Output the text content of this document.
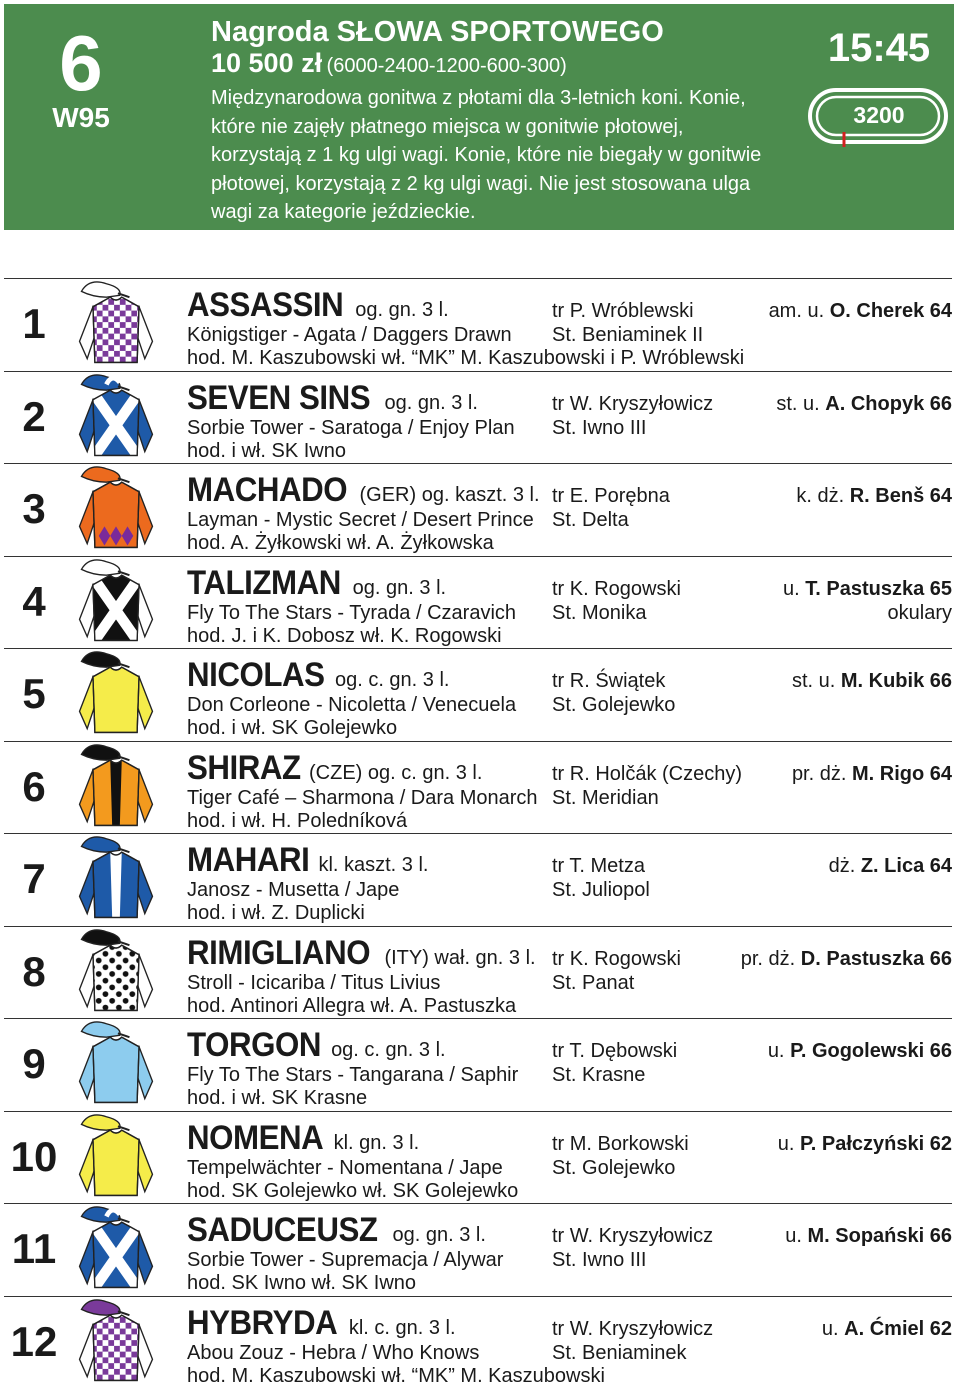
6
W95
Nagroda SŁOWA SPORTOWEGO
10 500 zł (6000-2400-1200-600-300)
Międzynarodowa gonitwa z płotami dla 3-letnich koni. Konie, które nie zajęły płatnego miejsca w gonitwie płotowej, korzystają z 1 kg ulgi wagi. Konie, które nie biegały w gonitwie płotowej, korzystają z 2 kg ulgi wagi. Nie jest stosowana ulga wagi za kategorie jeździeckie.
15:45
3200
1	ASSASSIN og. gn. 3 l.
Königstiger - Agata / Daggers Drawn
hod. M. Kaszubowski wł. “MK” M. Kaszubowski i P. Wróblewski
tr P. Wróblewski
St. Beniaminek II
am. u. O. Cherek 64
2	SEVEN SINS og. gn. 3 l.
Sorbie Tower - Saratoga / Enjoy Plan
hod. i wł. SK Iwno
tr W. Kryszyłowicz
St. Iwno III
st. u. A. Chopyk 66
3	MACHADO (GER) og. kaszt. 3 l.
Layman - Mystic Secret / Desert Prince
hod. A. Żyłkowski wł. A. Żyłkowska
tr E. Porębna
St. Delta
k. dż. R. Benš 64
4	TALIZMAN og. gn. 3 l.
Fly To The Stars - Tyrada / Czaravich
hod. J. i K. Dobosz wł. K. Rogowski
tr K. Rogowski
St. Monika
u. T. Pastuszka 65
okulary
5	NICOLAS og. c. gn. 3 l.
Don Corleone - Nicoletta / Venecuela
hod. i wł. SK Golejewko
tr R. Świątek
St. Golejewko
st. u. M. Kubik 66
6	SHIRAZ (CZE) og. c. gn. 3 l.
Tiger Café – Sharmona / Dara Monarch
hod. i wł. H. Poledníková
tr R. Holčák (Czechy)
St. Meridian
pr. dż. M. Rigo 64
7	MAHARI kl. kaszt. 3 l.
Janosz - Musetta / Jape
hod. i wł. Z. Duplicki
tr T. Metza
St. Juliopol
dż. Z. Lica 64
8	RIMIGLIANO (ITY) wał. gn. 3 l.
Stroll - Icicariba / Titus Livius
hod. Antinori Allegra wł. A. Pastuszka
tr K. Rogowski
St. Panat
pr. dż. D. Pastuszka 66
9	TORGON og. c. gn. 3 l.
Fly To The Stars - Tangarana / Saphir
hod. i wł. SK Krasne
tr T. Dębowski
St. Krasne
u. P. Gogolewski 66
10	NOMENA kl. gn. 3 l.
Tempelwächter - Nomentana / Jape
hod. SK Golejewko wł. SK Golejewko
tr M. Borkowski
St. Golejewko
u. P. Pałczyński 62
11	SADUCEUSZ og. gn. 3 l.
Sorbie Tower - Supremacja / Alywar
hod. SK Iwno wł. SK Iwno
tr W. Kryszyłowicz
St. Iwno III
u. M. Sopański 66
12	HYBRYDA kl. c. gn. 3 l.
Abou Zouz - Hebra / Who Knows
hod. M. Kaszubowski wł. “MK” M. Kaszubowski
tr W. Kryszyłowicz
St. Beniaminek
u. A. Ćmiel 62
